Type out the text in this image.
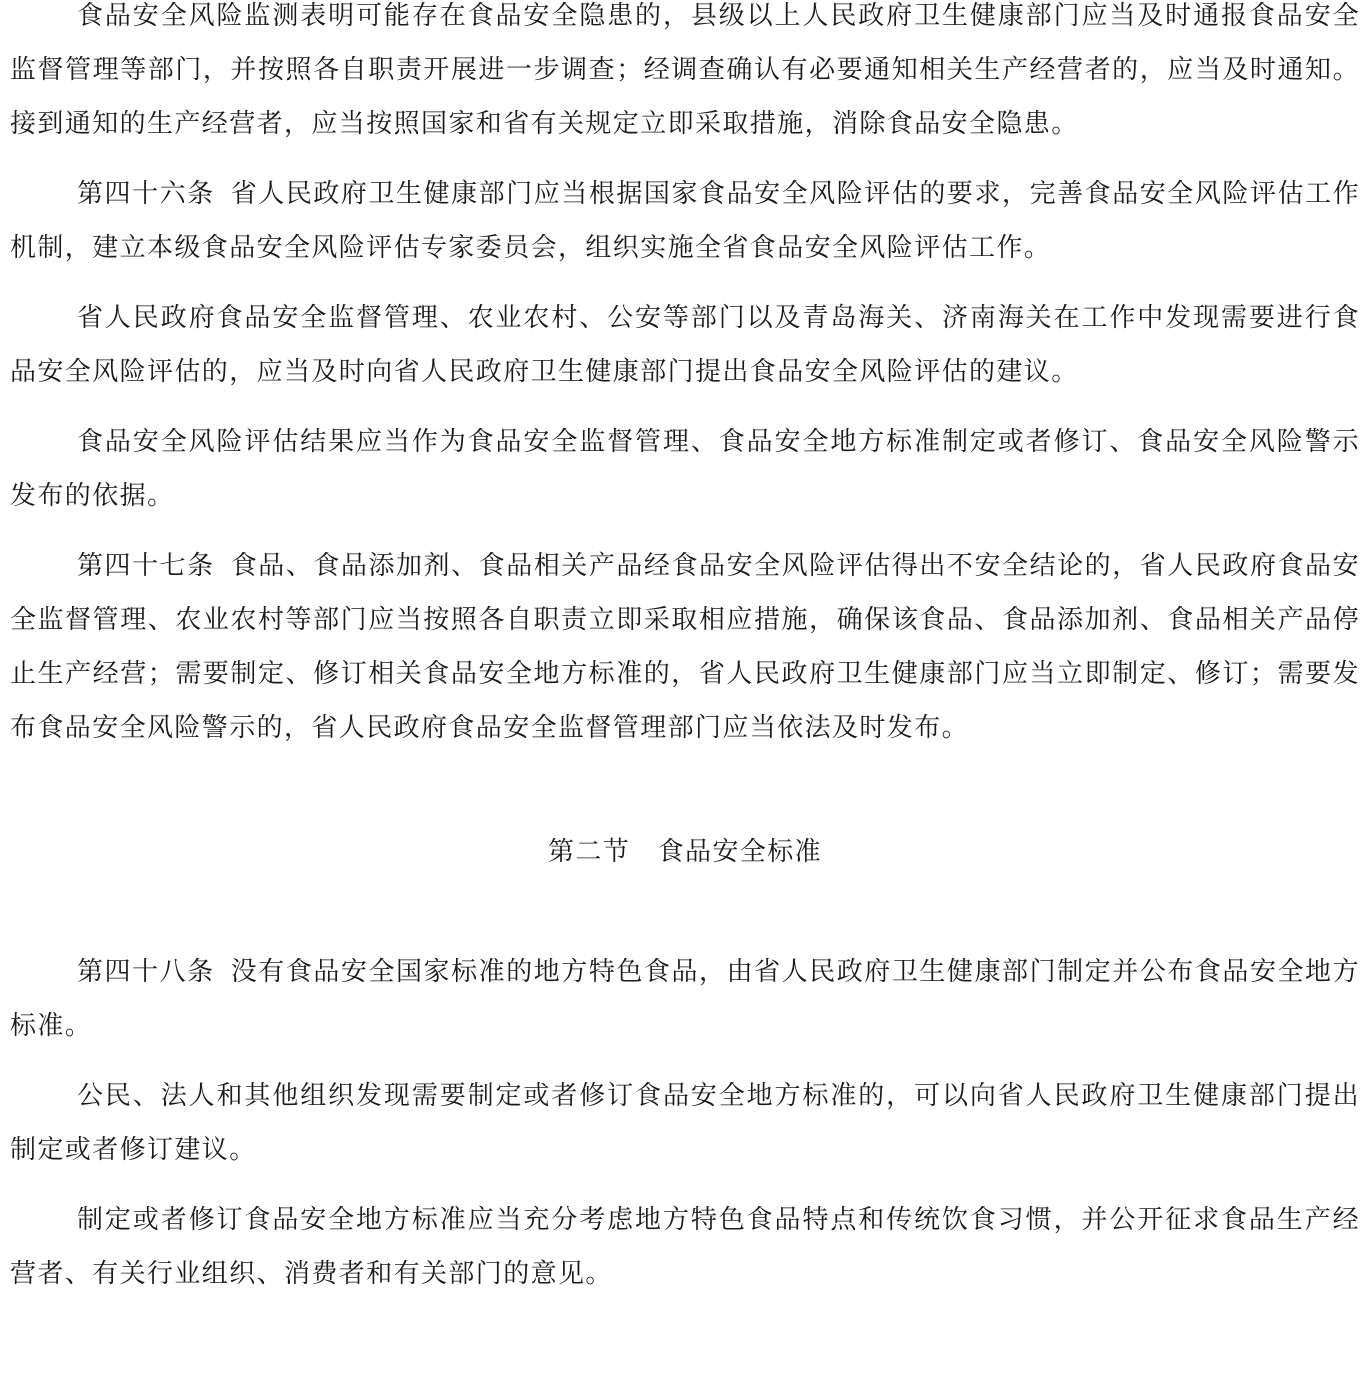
食品安全风险监测表明可能存在食品安全隐患的，县级以上人民政府卫生健康部门应当及时通报食品安全监督管理等部门，并按照各自职责开展进一步调查；经调查确认有必要通知相关生产经营者的，应当及时通知。接到通知的生产经营者，应当按照国家和省有关规定立即采取措施，消除食品安全隐患。

第四十六条 省人民政府卫生健康部门应当根据国家食品安全风险评估的要求，完善食品安全风险评估工作机制，建立本级食品安全风险评估专家委员会，组织实施全省食品安全风险评估工作。

省人民政府食品安全监督管理、农业农村、公安等部门以及青岛海关、济南海关在工作中发现需要进行食品安全风险评估的，应当及时向省人民政府卫生健康部门提出食品安全风险评估的建议。

食品安全风险评估结果应当作为食品安全监督管理、食品安全地方标准制定或者修订、食品安全风险警示发布的依据。

第四十七条 食品、食品添加剂、食品相关产品经食品安全风险评估得出不安全结论的，省人民政府食品安全监督管理、农业农村等部门应当按照各自职责立即采取相应措施，确保该食品、食品添加剂、食品相关产品停止生产经营；需要制定、修订相关食品安全地方标准的，省人民政府卫生健康部门应当立即制定、修订；需要发布食品安全风险警示的，省人民政府食品安全监督管理部门应当依法及时发布。

第二节  食品安全标准

第四十八条 没有食品安全国家标准的地方特色食品，由省人民政府卫生健康部门制定并公布食品安全地方标准。

公民、法人和其他组织发现需要制定或者修订食品安全地方标准的，可以向省人民政府卫生健康部门提出制定或者修订建议。

制定或者修订食品安全地方标准应当充分考虑地方特色食品特点和传统饮食习惯，并公开征求食品生产经营者、有关行业组织、消费者和有关部门的意见。
